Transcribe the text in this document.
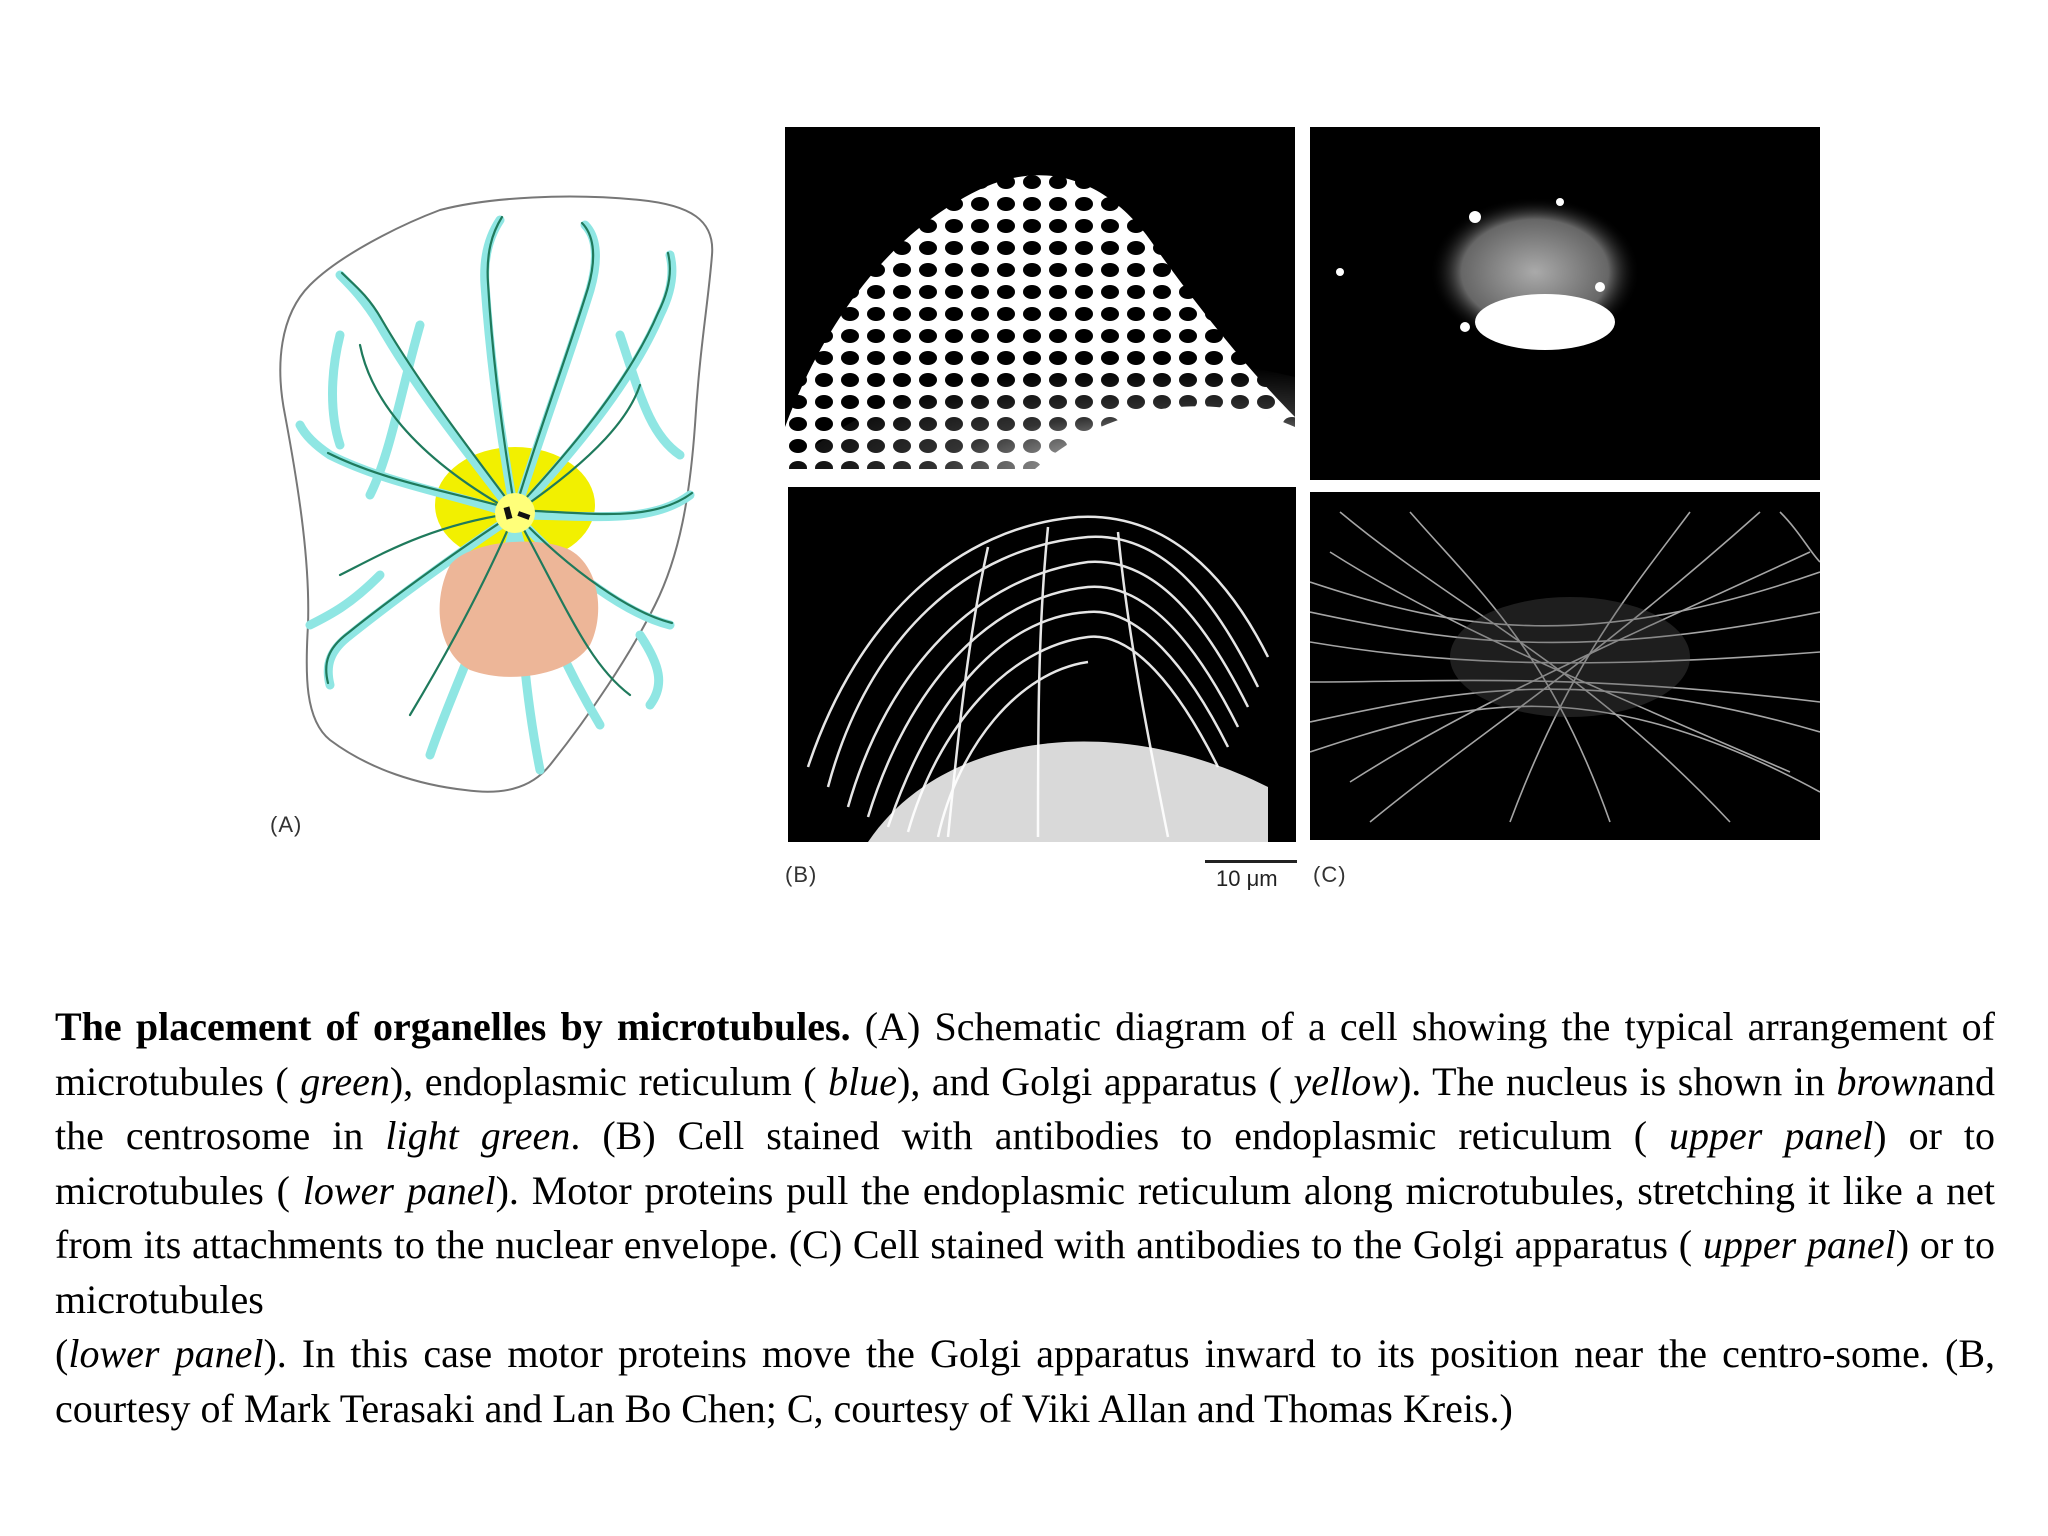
(A)
(B)	10 μm (C)
The placement of organelles by microtubules. (A) Schematic diagram of a cell showing the typical arrangement of microtubules ( green), endoplasmic reticulum ( blue), and Golgi apparatus ( yellow). The nucleus is shown in brownand the centrosome in light green. (B) Cell stained with antibodies to endoplasmic reticulum ( upper panel) or to microtubules ( lower panel). Motor proteins pull the endoplasmic reticulum along microtubules, stretching it like a net from its attachments to the nuclear envelope. (C) Cell stained with antibodies to the Golgi apparatus ( upper panel) or to microtubules
(lower panel). In this case motor proteins move the Golgi apparatus inward to its position near the centro-some. (B, courtesy of Mark Terasaki and Lan Bo Chen; C, courtesy of Viki Allan and Thomas Kreis.)
